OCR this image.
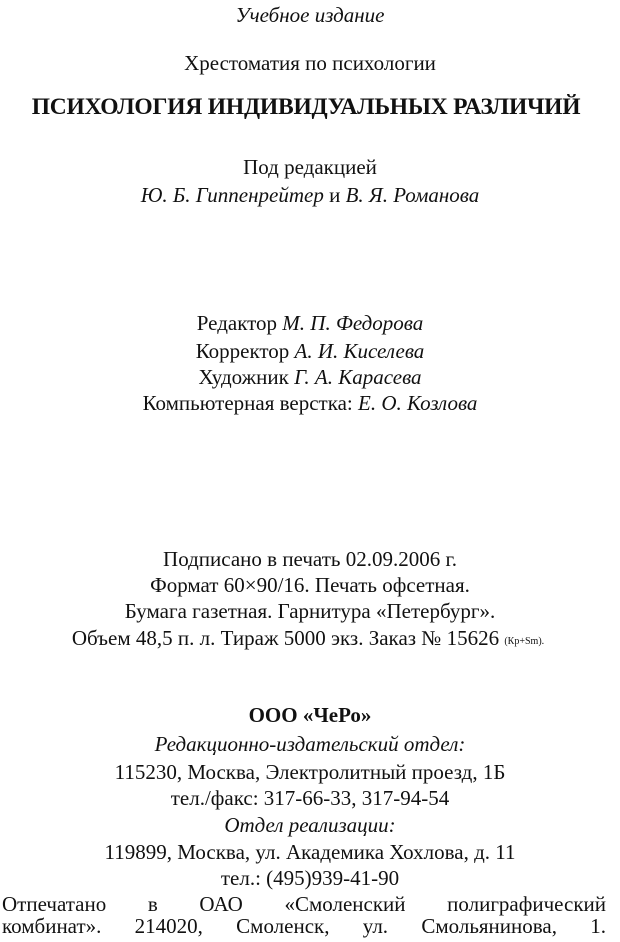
Учебное издание
Хрестоматия по психологии
ПСИХОЛОГИЯ ИНДИВИДУАЛЬНЫХ РАЗЛИЧИЙ
Под редакцией
Ю. Б. Гиппенрейтер и В. Я. Романова
Редактор М. П. Федорова
Корректор А. И. Киселева
Художник Г. А. Карасева
Компьютерная верстка: Е. О. Козлова
Подписано в печать 02.09.2006 г.
Формат 60×90/16. Печать офсетная.
Бумага газетная. Гарнитура «Петербург».
Объем 48,5 п. л. Тираж 5000 экз. Заказ № 15626 (Кр+Sm).
ООО «ЧеРо»
Редакционно-издательский отдел:
115230, Москва, Электролитный проезд, 1Б
тел./факс: 317-66-33, 317-94-54
Отдел реализации:
119899, Москва, ул. Академика Хохлова, д. 11
тел.: (495)939-41-90
Отпечатано в ОАО «Смоленский полиграфический
комбинат». 214020, Смоленск, ул. Смольянинова, 1.
